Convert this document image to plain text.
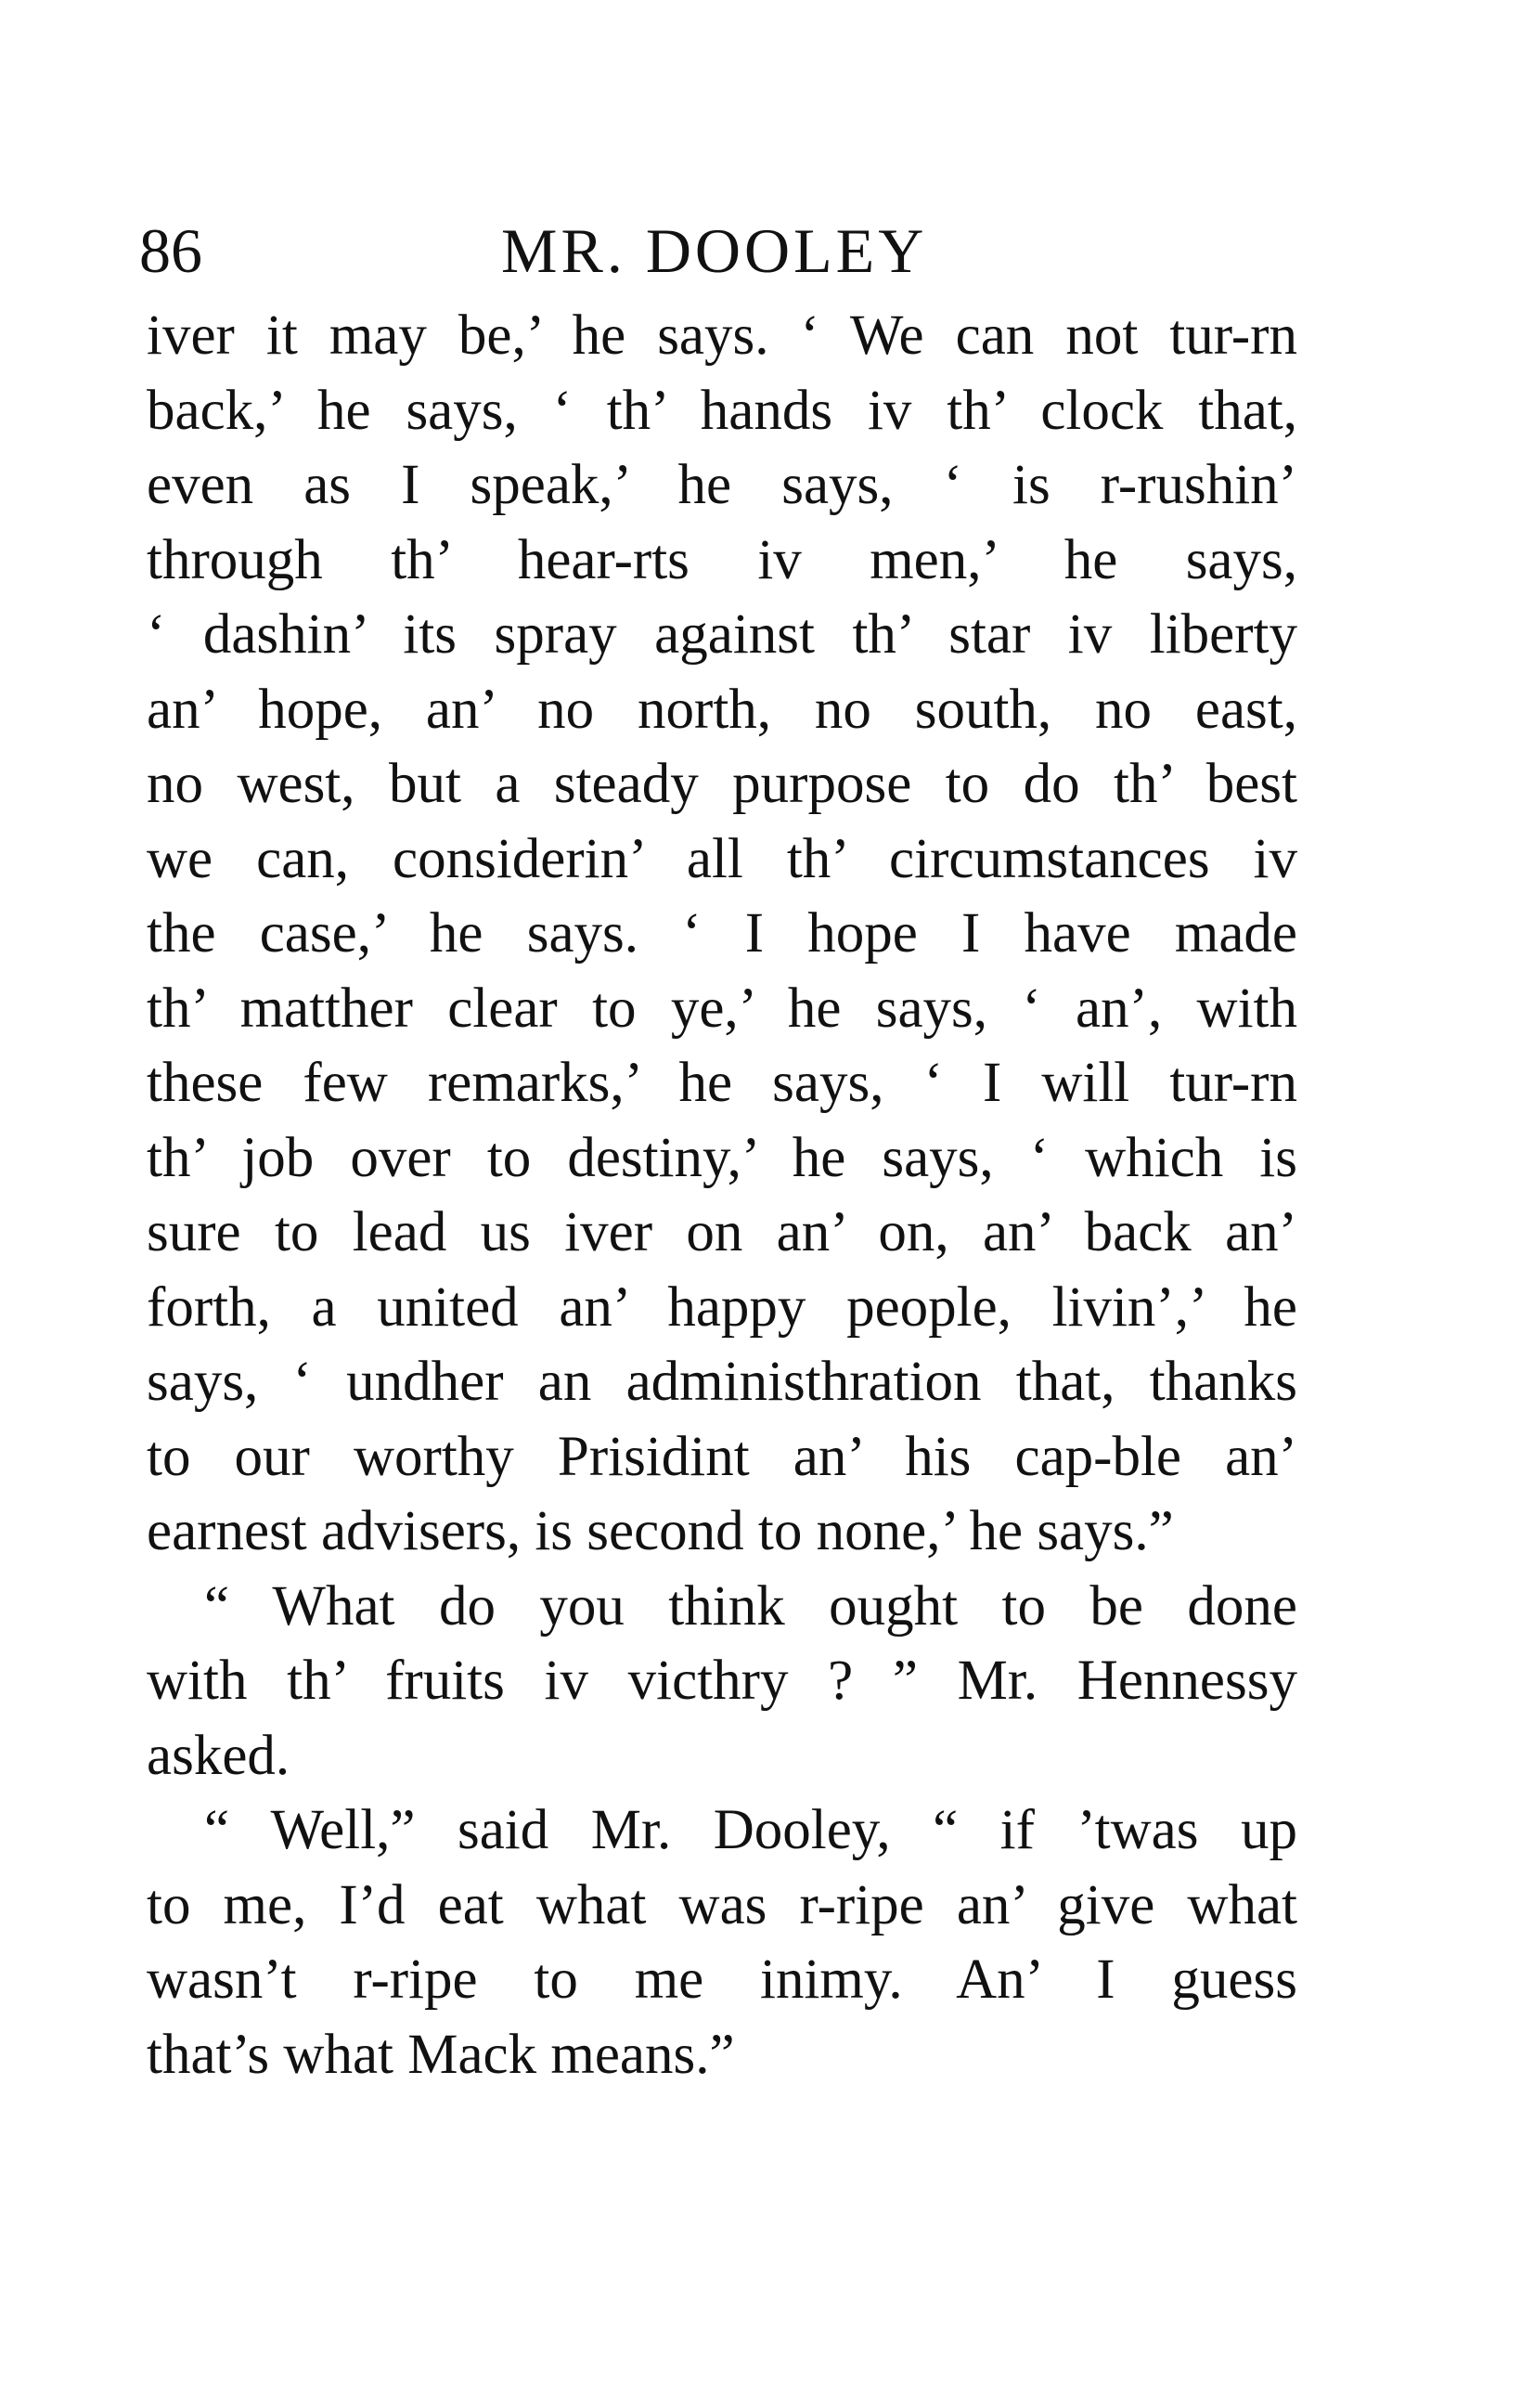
86	MR. DOOLEY
iver it may be,’ he says. ‘ We can not tur-rn
back,’ he says, ‘ th’ hands iv th’ clock that,
even as I speak,’ he says, ‘ is r-rushin’
through th’ hear-rts iv men,’ he says,
‘ dashin’ its spray against th’ star iv liberty
an’ hope, an’ no north, no south, no east,
no west, but a steady purpose to do th’ best
we can, considerin’ all th’ circumstances iv
the case,’ he says. ‘ I hope I have made
th’ matther clear to ye,’ he says, ‘ an’, with
these few remarks,’ he says, ‘ I will tur-rn
th’ job over to destiny,’ he says, ‘ which is
sure to lead us iver on an’ on, an’ back an’
forth, a united an’ happy people, livin’,’ he
says, ‘ undher an administhration that, thanks
to our worthy Prisidint an’ his cap-ble an’
earnest advisers, is second to none,’ he says.”
“ What do you think ought to be done
with th’ fruits iv victhry ? ” Mr. Hennessy
asked.
“ Well,” said Mr. Dooley, “ if ’twas up
to me, I’d eat what was r-ripe an’ give what
wasn’t r-ripe to me inimy. An’ I guess
that’s what Mack means.”
